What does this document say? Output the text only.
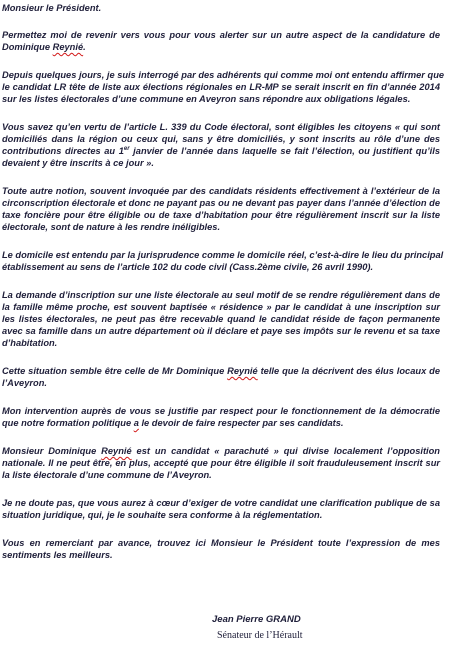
Monsieur le Président.
Permettez moi de revenir vers vous pour vous alerter sur un autre aspect de la candidature de
Dominique Reynié.
Depuis quelques jours, je suis interrogé par des adhérents qui comme moi ont entendu affirmer que
le candidat LR tête de liste aux élections régionales en LR-MP se serait inscrit en fin d’année 2014
sur les listes électorales d’une commune en Aveyron sans répondre aux obligations légales.
Vous savez qu’en vertu de l’article L. 339 du Code électoral, sont éligibles les citoyens « qui sont
domiciliés dans la région ou ceux qui, sans y être domiciliés, y sont inscrits au rôle d’une des
contributions directes au 1er janvier de l’année dans laquelle se fait l’élection, ou justifient qu’ils
devaient y être inscrits à ce jour ».
Toute autre notion, souvent invoquée par des candidats résidents effectivement à l’extérieur de la
circonscription électorale et donc ne payant pas ou ne devant pas payer dans l’année d’élection de
taxe foncière pour être éligible ou de taxe d’habitation pour être régulièrement inscrit sur la liste
électorale, sont de nature à les rendre inéligibles.
Le domicile est entendu par la jurisprudence comme le domicile réel, c’est-à-dire le lieu du principal
établissement au sens de l’article 102 du code civil (Cass.2ème civile, 26 avril 1990).
La demande d’inscription sur une liste électorale au seul motif de se rendre régulièrement dans de
la famille même proche, est souvent baptisée « résidence » par le candidat à une inscription sur
les listes électorales, ne peut pas être recevable quand le candidat réside de façon permanente
avec sa famille dans un autre département où il déclare et paye ses impôts sur le revenu et sa taxe
d’habitation.
Cette situation semble être celle de Mr Dominique Reynié telle que la décrivent des élus locaux de
l’Aveyron.
Mon intervention auprès de vous se justifie par respect pour le fonctionnement de la démocratie
que notre formation politique a le devoir de faire respecter par ses candidats.
Monsieur Dominique Reynié est un candidat « parachuté » qui divise localement l’opposition
nationale. Il ne peut être, en plus, accepté que pour être éligible il soit frauduleusement inscrit sur
la liste électorale d’une commune de l’Aveyron.
Je ne doute pas, que vous aurez à cœur d’exiger de votre candidat une clarification publique de sa
situation juridique, qui, je le souhaite sera conforme à la réglementation.
Vous en remerciant par avance, trouvez ici Monsieur le Président toute l’expression de mes
sentiments les meilleurs.
Jean Pierre GRAND
Sénateur de l’Hérault
